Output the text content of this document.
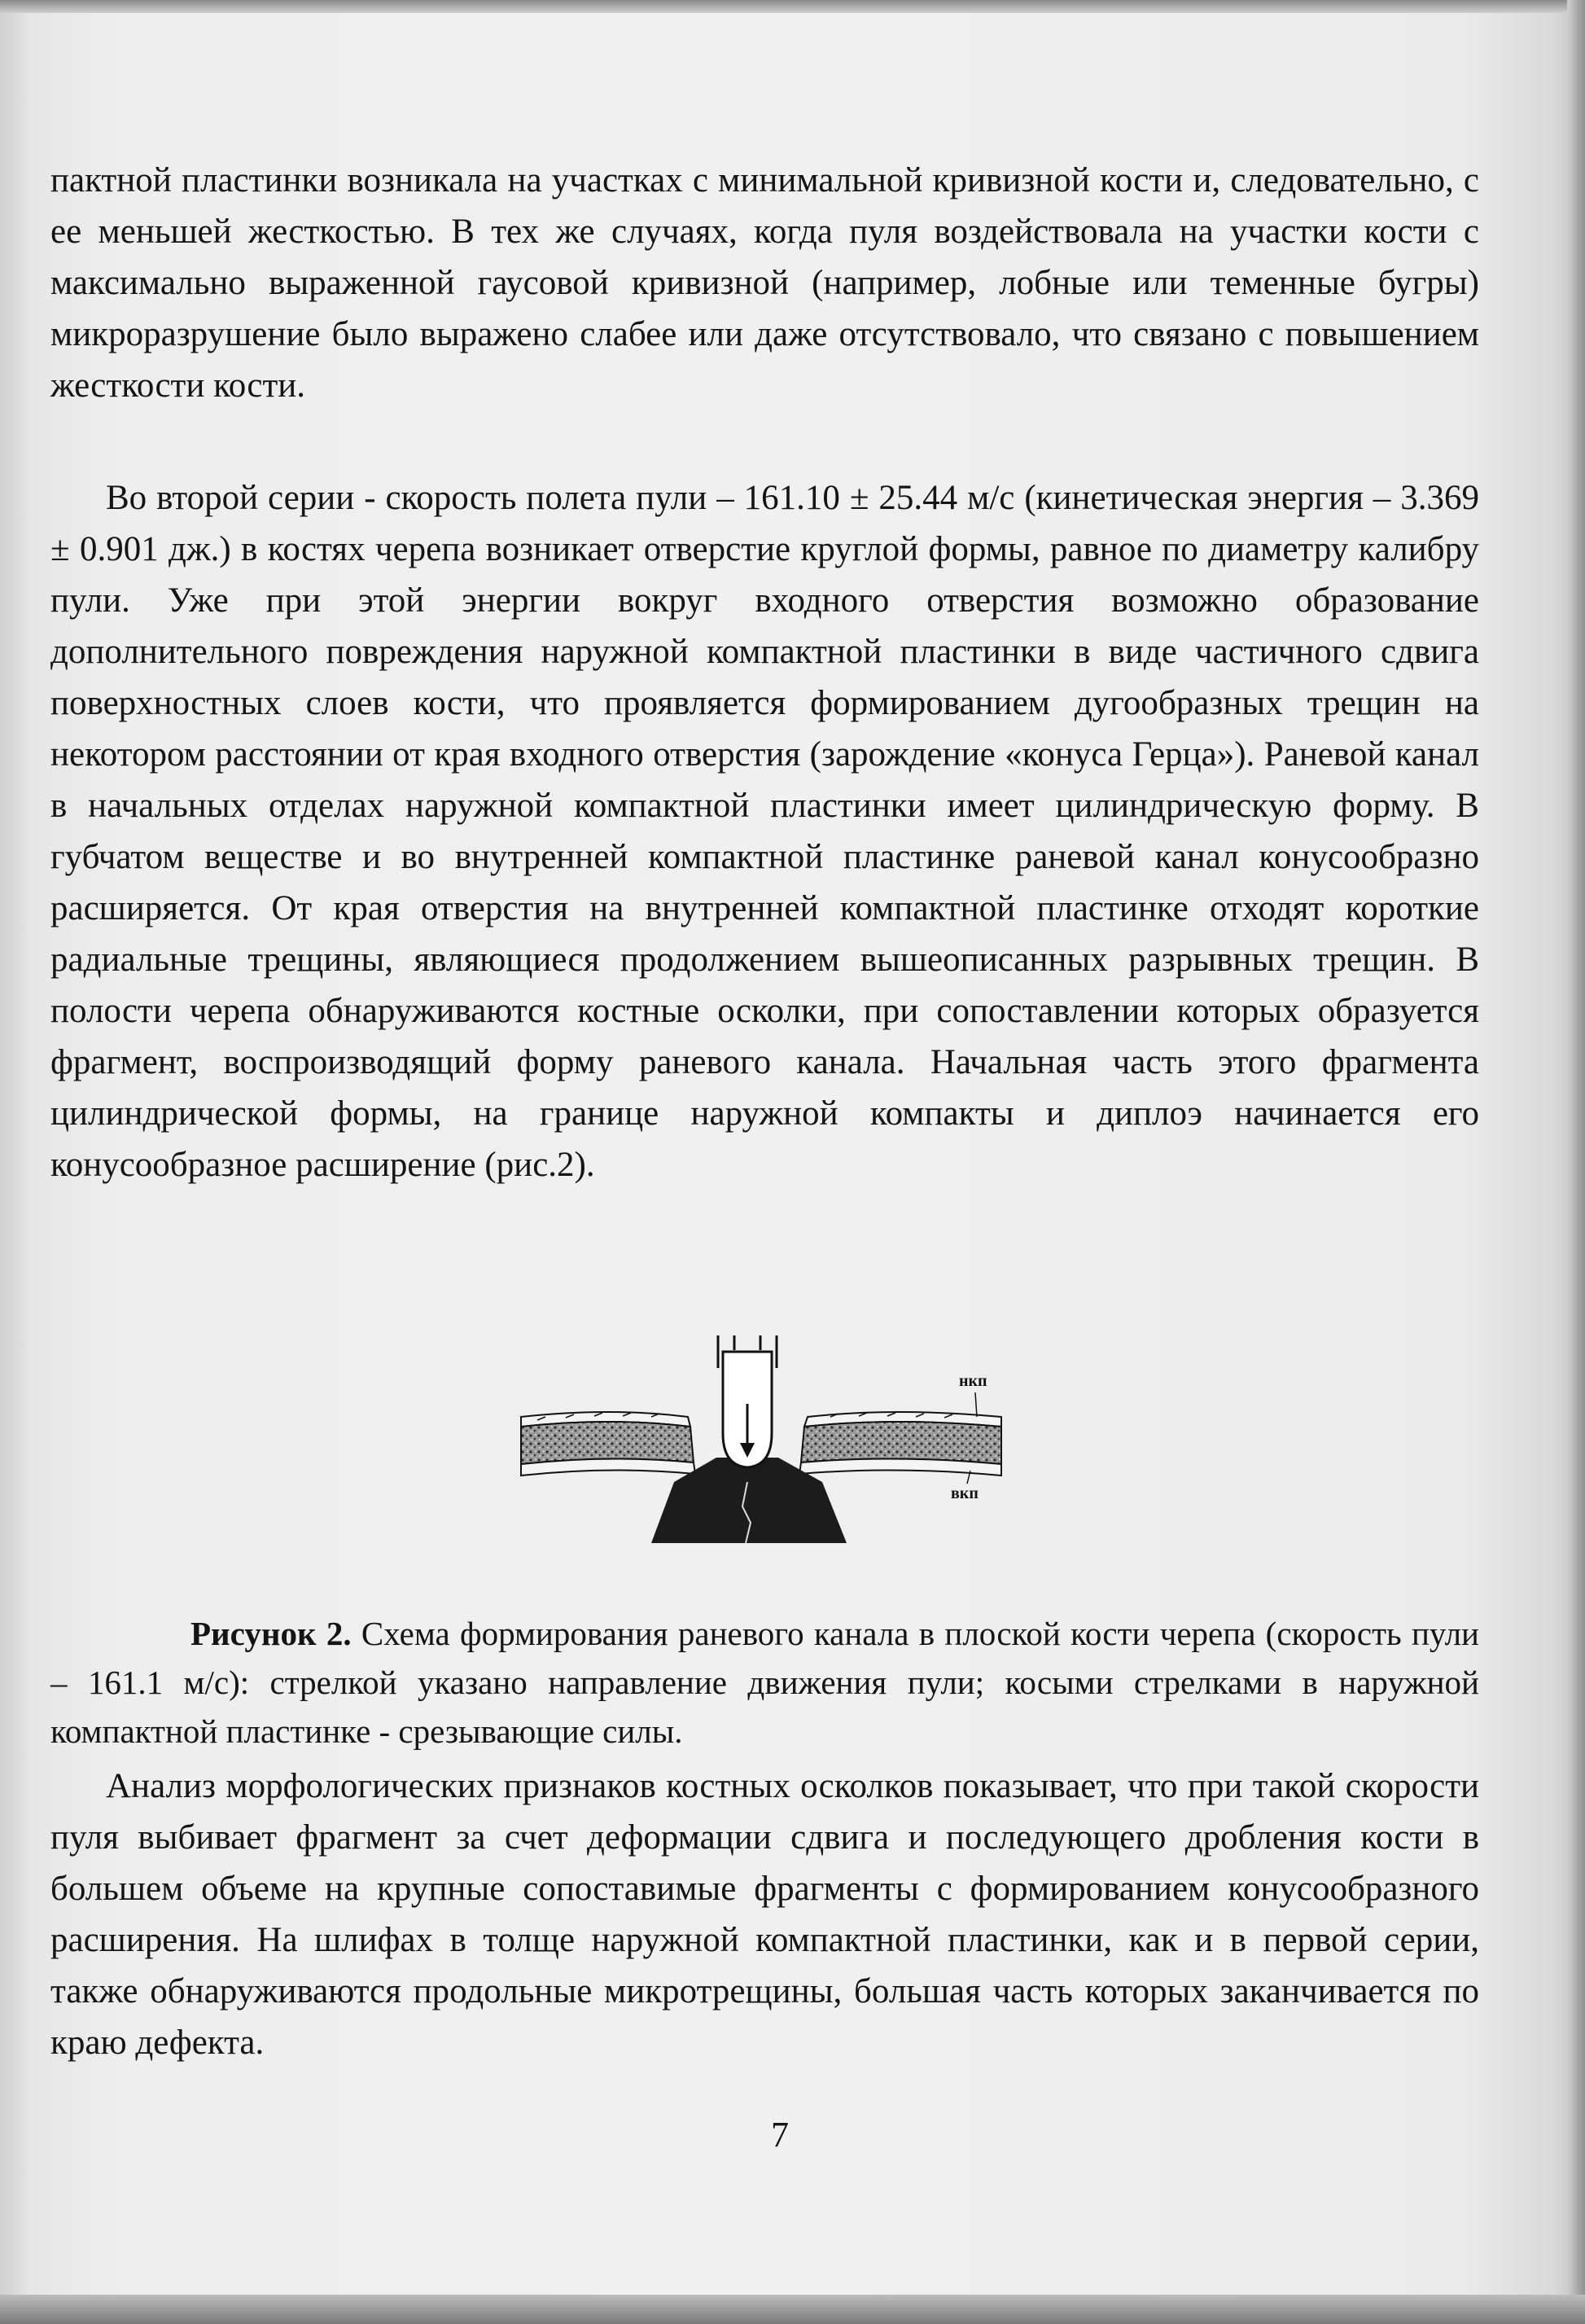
пактной пластинки возникала на участках с минимальной кривизной кости и, следовательно, с ее меньшей жесткостью. В тех же случаях, когда пуля воздействовала на участки кости с максимально выраженной гаусовой кривизной (например, лобные или теменные бугры) микроразрушение было выражено слабее или даже отсутствовало, что связано с повышением жесткости кости.

Во второй серии - скорость полета пули – 161.10 ± 25.44 м/с (кинетическая энергия – 3.369 ± 0.901 дж.) в костях черепа возникает отверстие круглой формы, равное по диаметру калибру пули. Уже при этой энергии вокруг входного отверстия возможно образование дополнительного повреждения наружной компактной пластинки в виде частичного сдвига поверхностных слоев кости, что проявляется формированием дугообразных трещин на некотором расстоянии от края входного отверстия (зарождение «конуса Герца»). Раневой канал в начальных отделах наружной компактной пластинки имеет цилиндрическую форму. В губчатом веществе и во внутренней компактной пластинке раневой канал конусообразно расширяется. От края отверстия на внутренней компактной пластинке отходят короткие радиальные трещины, являющиеся продолжением вышеописанных разрывных трещин. В полости черепа обнаруживаются костные осколки, при сопоставлении которых образуется фрагмент, воспроизводящий форму раневого канала. Начальная часть этого фрагмента цилиндрической формы, на границе наружной компакты и диплоэ начинается его конусообразное расширение (рис.2).

нкп
вкп

Рисунок 2. Схема формирования раневого канала в плоской кости черепа (скорость пули – 161.1 м/с): стрелкой указано направление движения пули; косыми стрелками в наружной компактной пластинке - срезывающие силы.

Анализ морфологических признаков костных осколков показывает, что при такой скорости пуля выбивает фрагмент за счет деформации сдвига и последующего дробления кости в большем объеме на крупные сопоставимые фрагменты с формированием конусообразного расширения. На шлифах в толще наружной компактной пластинки, как и в первой серии, также обнаруживаются продольные микротрещины, большая часть которых заканчивается по краю дефекта.

7
